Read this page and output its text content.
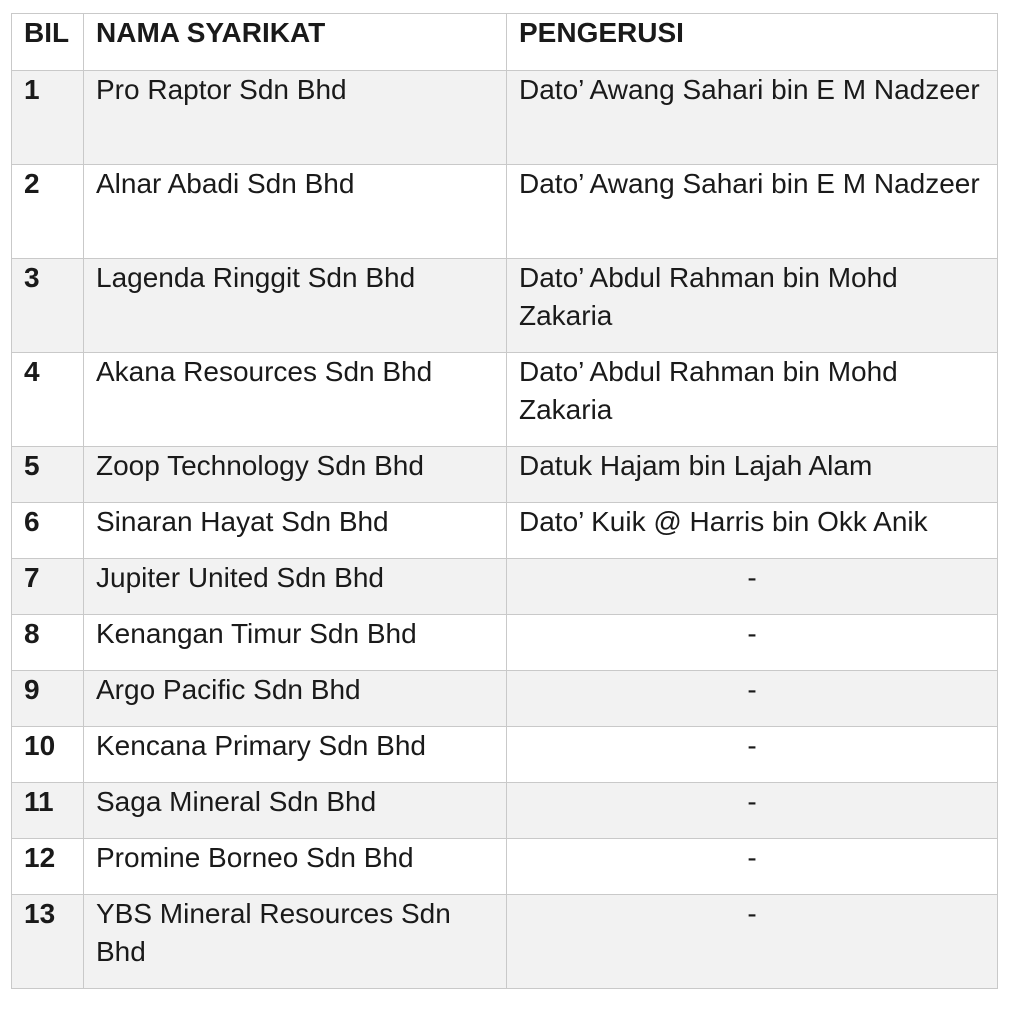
BIL	NAMA SYARIKAT	PENGERUSI
1	Pro Raptor Sdn Bhd	Dato’ Awang Sahari bin E M Nadzeer
2	Alnar Abadi Sdn Bhd	Dato’ Awang Sahari bin E M Nadzeer
3	Lagenda Ringgit Sdn Bhd	Dato’ Abdul Rahman bin Mohd Zakaria
4	Akana Resources Sdn Bhd	Dato’ Abdul Rahman bin Mohd Zakaria
5	Zoop Technology Sdn Bhd	Datuk Hajam bin Lajah Alam
6	Sinaran Hayat Sdn Bhd	Dato’ Kuik @ Harris bin Okk Anik
7	Jupiter United Sdn Bhd	-
8	Kenangan Timur Sdn Bhd	-
9	Argo Pacific Sdn Bhd	-
10	Kencana Primary Sdn Bhd	-
11	Saga Mineral Sdn Bhd	-
12	Promine Borneo Sdn Bhd	-
13	YBS Mineral Resources Sdn Bhd	-
